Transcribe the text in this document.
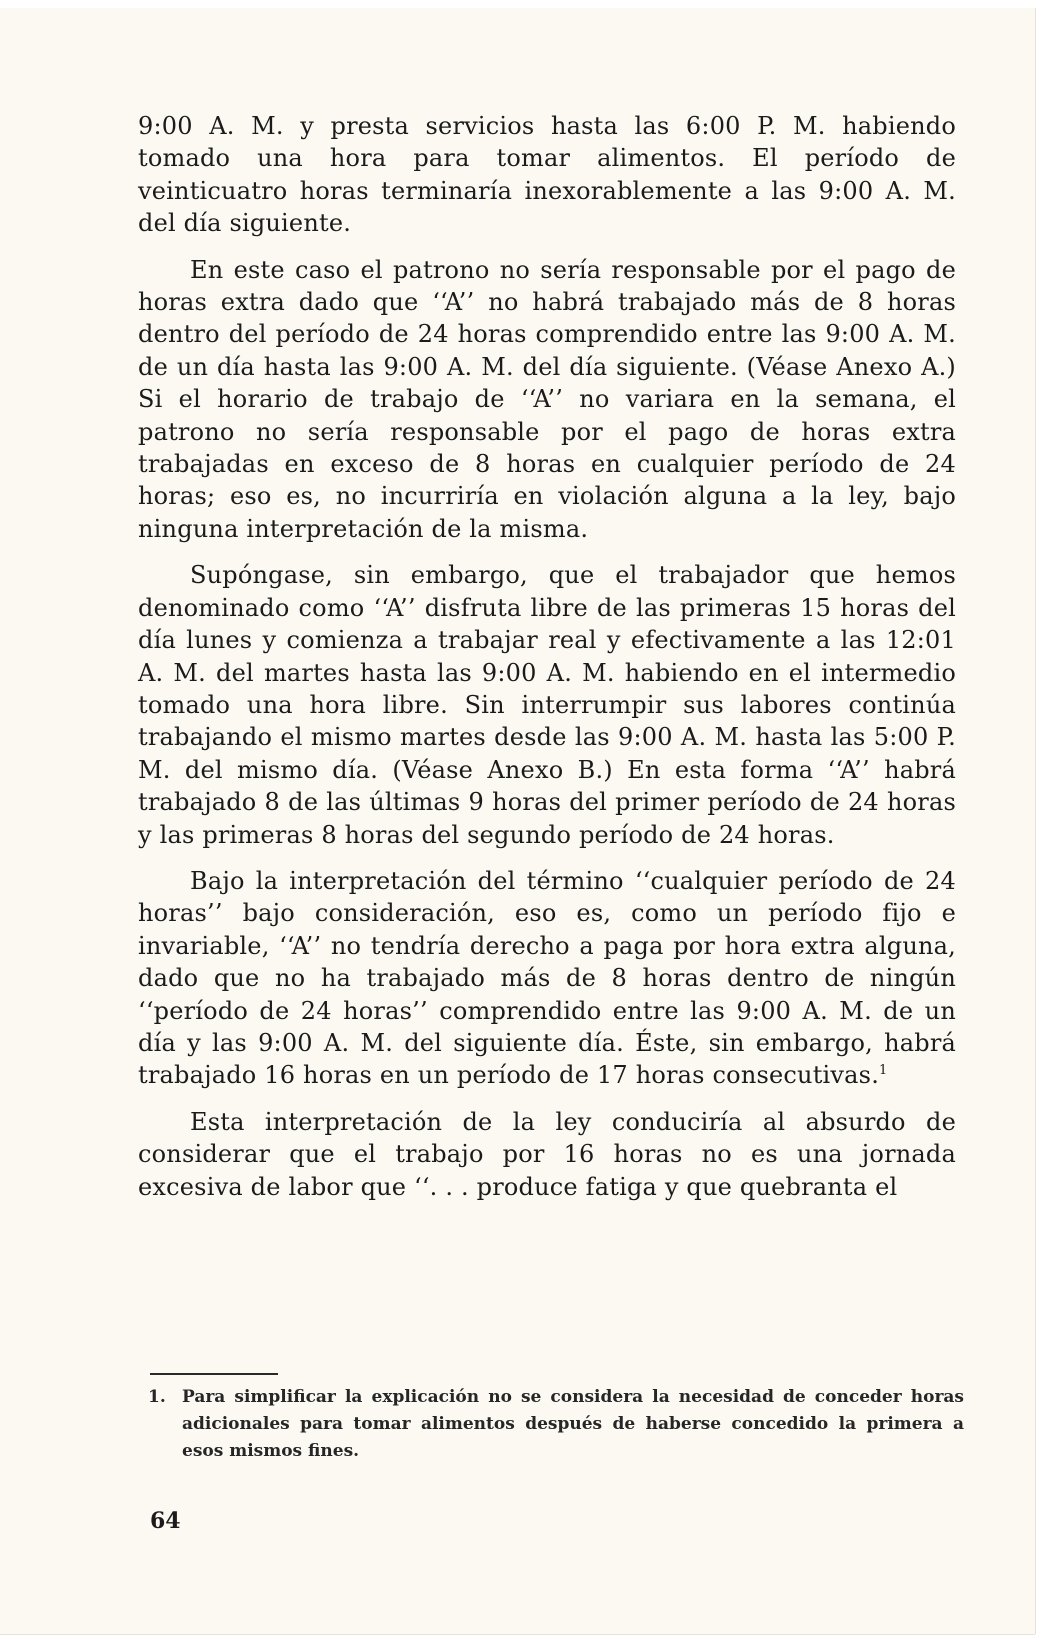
9:00 A. M. y presta servicios hasta las 6:00 P. M. habiendo tomado una hora para tomar alimentos. El período de veinticuatro horas terminaría inexorablemente a las 9:00 A. M. del día siguiente.

En este caso el patrono no sería responsable por el pago de horas extra dado que ‘‘A’’ no habrá trabajado más de 8 horas dentro del período de 24 horas comprendido entre las 9:00 A. M. de un día hasta las 9:00 A. M. del día siguiente. (Véase Anexo A.) Si el horario de trabajo de ‘‘A’’ no variara en la semana, el patrono no sería responsable por el pago de horas extra trabajadas en exceso de 8 horas en cualquier período de 24 horas; eso es, no incurriría en violación alguna a la ley, bajo ninguna interpretación de la misma.

Supóngase, sin embargo, que el trabajador que hemos denominado como ‘‘A’’ disfruta libre de las primeras 15 horas del día lunes y comienza a trabajar real y efectivamente a las 12:01 A. M. del martes hasta las 9:00 A. M. habiendo en el intermedio tomado una hora libre. Sin interrumpir sus labores continúa trabajando el mismo martes desde las 9:00 A. M. hasta las 5:00 P. M. del mismo día. (Véase Anexo B.) En esta forma ‘‘A’’ habrá trabajado 8 de las últimas 9 horas del primer período de 24 horas y las primeras 8 horas del segundo período de 24 horas.

Bajo la interpretación del término ‘‘cualquier período de 24 horas’’ bajo consideración, eso es, como un período fijo e invariable, ‘‘A’’ no tendría derecho a paga por hora extra alguna, dado que no ha trabajado más de 8 horas dentro de ningún ‘‘período de 24 horas’’ comprendido entre las 9:00 A. M. de un día y las 9:00 A. M. del siguiente día. Éste, sin embargo, habrá trabajado 16 horas en un período de 17 horas consecutivas.$^1$

Esta interpretación de la ley conduciría al absurdo de considerar que el trabajo por 16 horas no es una jornada excesiva de labor que ‘‘. . . produce fatiga y que quebranta el

1. Para simplificar la explicación no se considera la necesidad de conceder horas adicionales para tomar alimentos después de haberse concedido la primera a esos mismos fines.
64
